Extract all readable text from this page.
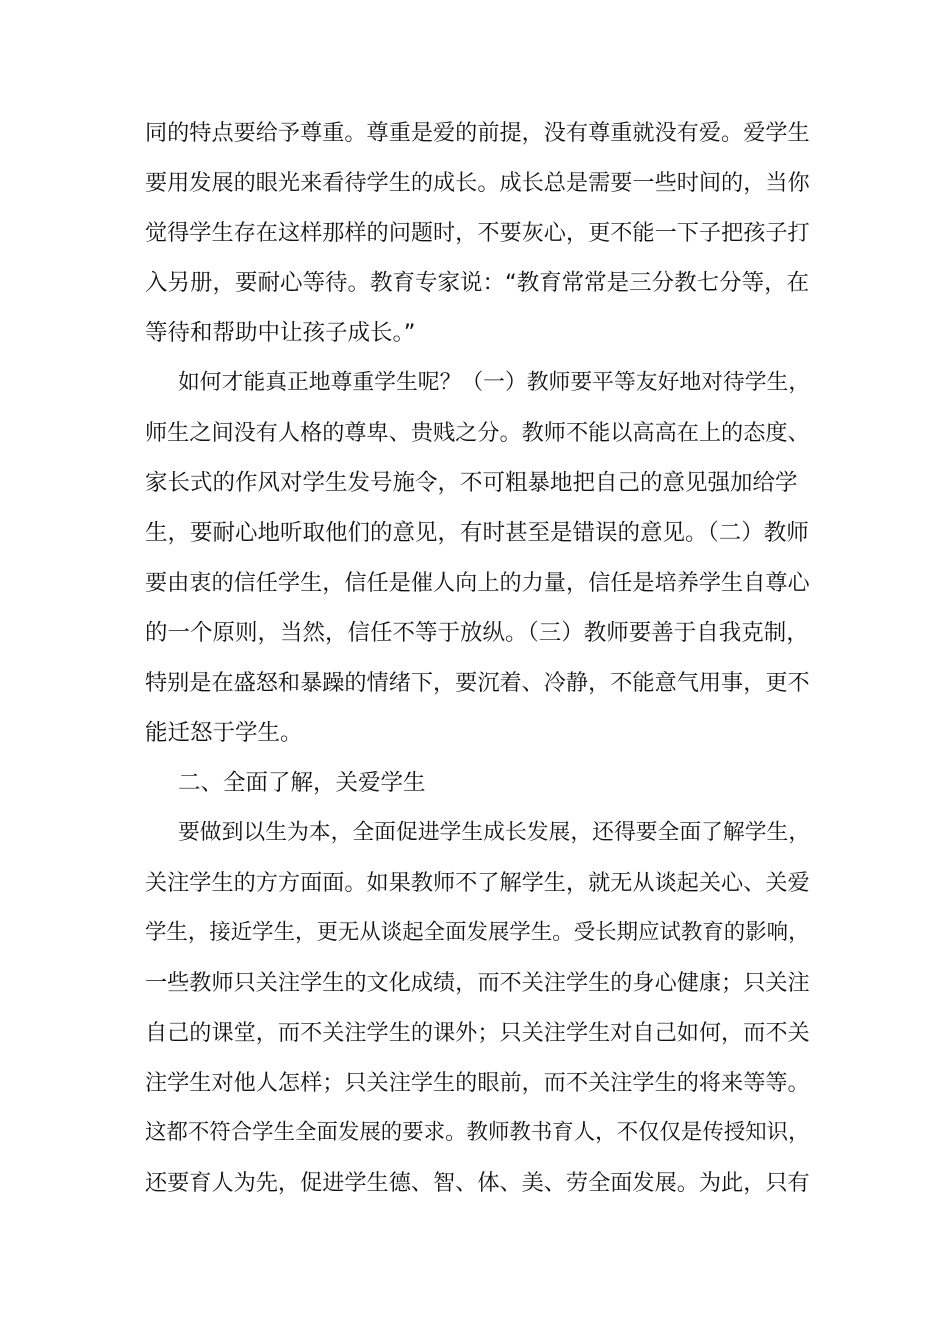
同的特点要给予尊重。尊重是爱的前提，没有尊重就没有爱。爱学生
要用发展的眼光来看待学生的成长。成长总是需要一些时间的，当你
觉得学生存在这样那样的问题时，不要灰心，更不能一下子把孩子打
入另册，要耐心等待。教育专家说：“教育常常是三分教七分等，在
等待和帮助中让孩子成长。”

如何才能真正地尊重学生呢？（一）教师要平等友好地对待学生，
师生之间没有人格的尊卑、贵贱之分。教师不能以高高在上的态度、
家长式的作风对学生发号施令，不可粗暴地把自己的意见强加给学
生，要耐心地听取他们的意见，有时甚至是错误的意见。（二）教师
要由衷的信任学生，信任是催人向上的力量，信任是培养学生自尊心
的一个原则，当然，信任不等于放纵。（三）教师要善于自我克制，
特别是在盛怒和暴躁的情绪下，要沉着、冷静，不能意气用事，更不
能迁怒于学生。

二、全面了解，关爱学生

要做到以生为本，全面促进学生成长发展，还得要全面了解学生，
关注学生的方方面面。如果教师不了解学生，就无从谈起关心、关爱
学生，接近学生，更无从谈起全面发展学生。受长期应试教育的影响，
一些教师只关注学生的文化成绩，而不关注学生的身心健康；只关注
自己的课堂，而不关注学生的课外；只关注学生对自己如何，而不关
注学生对他人怎样；只关注学生的眼前，而不关注学生的将来等等。
这都不符合学生全面发展的要求。教师教书育人，不仅仅是传授知识，
还要育人为先，促进学生德、智、体、美、劳全面发展。为此，只有
